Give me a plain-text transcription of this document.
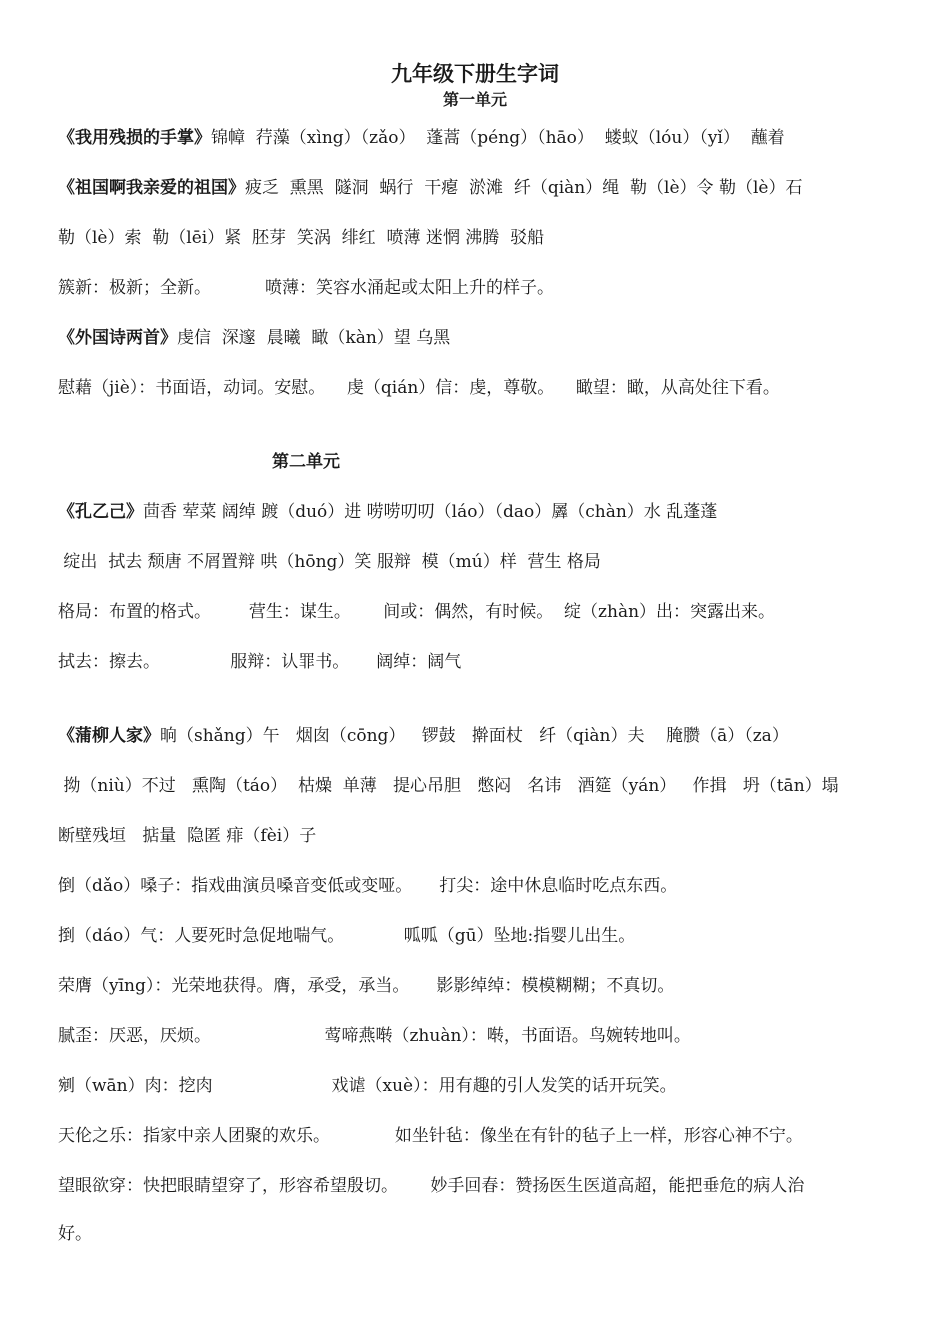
九年级下册生字词
第一单元
《我用残损的手掌》锦幛  荇藻（xìng）（zǎo）  蓬蒿（péng）（hāo）  蝼蚁（lóu）（yǐ）  蘸着
《祖国啊我亲爱的祖国》疲乏  熏黑  隧洞  蜗行  干瘪  淤滩  纤（qiàn）绳  勒（lè）令 勒（lè）石
勒（lè）索  勒（lēi）紧  胚芽  笑涡  绯红  喷薄 迷惘 沸腾  驳船
簇新：极新；全新。          喷薄：笑容水涌起或太阳上升的样子。
《外国诗两首》虔信  深邃  晨曦  瞰（kàn）望 乌黑
慰藉（jiè）：书面语，动词。安慰。    虔（qián）信：虔，尊敬。    瞰望：瞰，从高处往下看。
第二单元
《孔乙己》茴香 荤菜 阔绰 踱（duó）进 唠唠叨叨（láo）（dao）羼（chàn）水 乱蓬蓬
绽出  拭去 颓唐 不屑置辩 哄（hōng）笑 服辩  模（mú）样  营生 格局
格局：布置的格式。       营生：谋生。      间或：偶然，有时候。  绽（zhàn）出：突露出来。
拭去：擦去。             服辩：认罪书。     阔绰：阔气
《蒲柳人家》晌（shǎng）午   烟囱（cōng）   锣鼓   擀面杖   纤（qiàn）夫    腌臜（ā）（za）
拗（niù）不过   熏陶（táo）  枯燥  单薄   提心吊胆   憋闷   名讳   酒筵（yán）   作揖   坍（tān）塌
断壁残垣   掂量  隐匿 痱（fèi）子
倒（dǎo）嗓子：指戏曲演员嗓音变低或变哑。     打尖：途中休息临时吃点东西。
捯（dáo）气：人要死时急促地喘气。           呱呱（gū）坠地:指婴儿出生。
荣膺（yīng）：光荣地获得。膺，承受，承当。     影影绰绰：模模糊糊；不真切。
腻歪：厌恶，厌烦。                     莺啼燕啭（zhuàn）：啭，书面语。鸟婉转地叫。
剜（wān）肉：挖肉                      戏谑（xuè）：用有趣的引人发笑的话开玩笑。
天伦之乐：指家中亲人团聚的欢乐。            如坐针毡：像坐在有针的毡子上一样，形容心神不宁。
望眼欲穿：快把眼睛望穿了，形容希望殷切。      妙手回春：赞扬医生医道高超，能把垂危的病人治
好。
